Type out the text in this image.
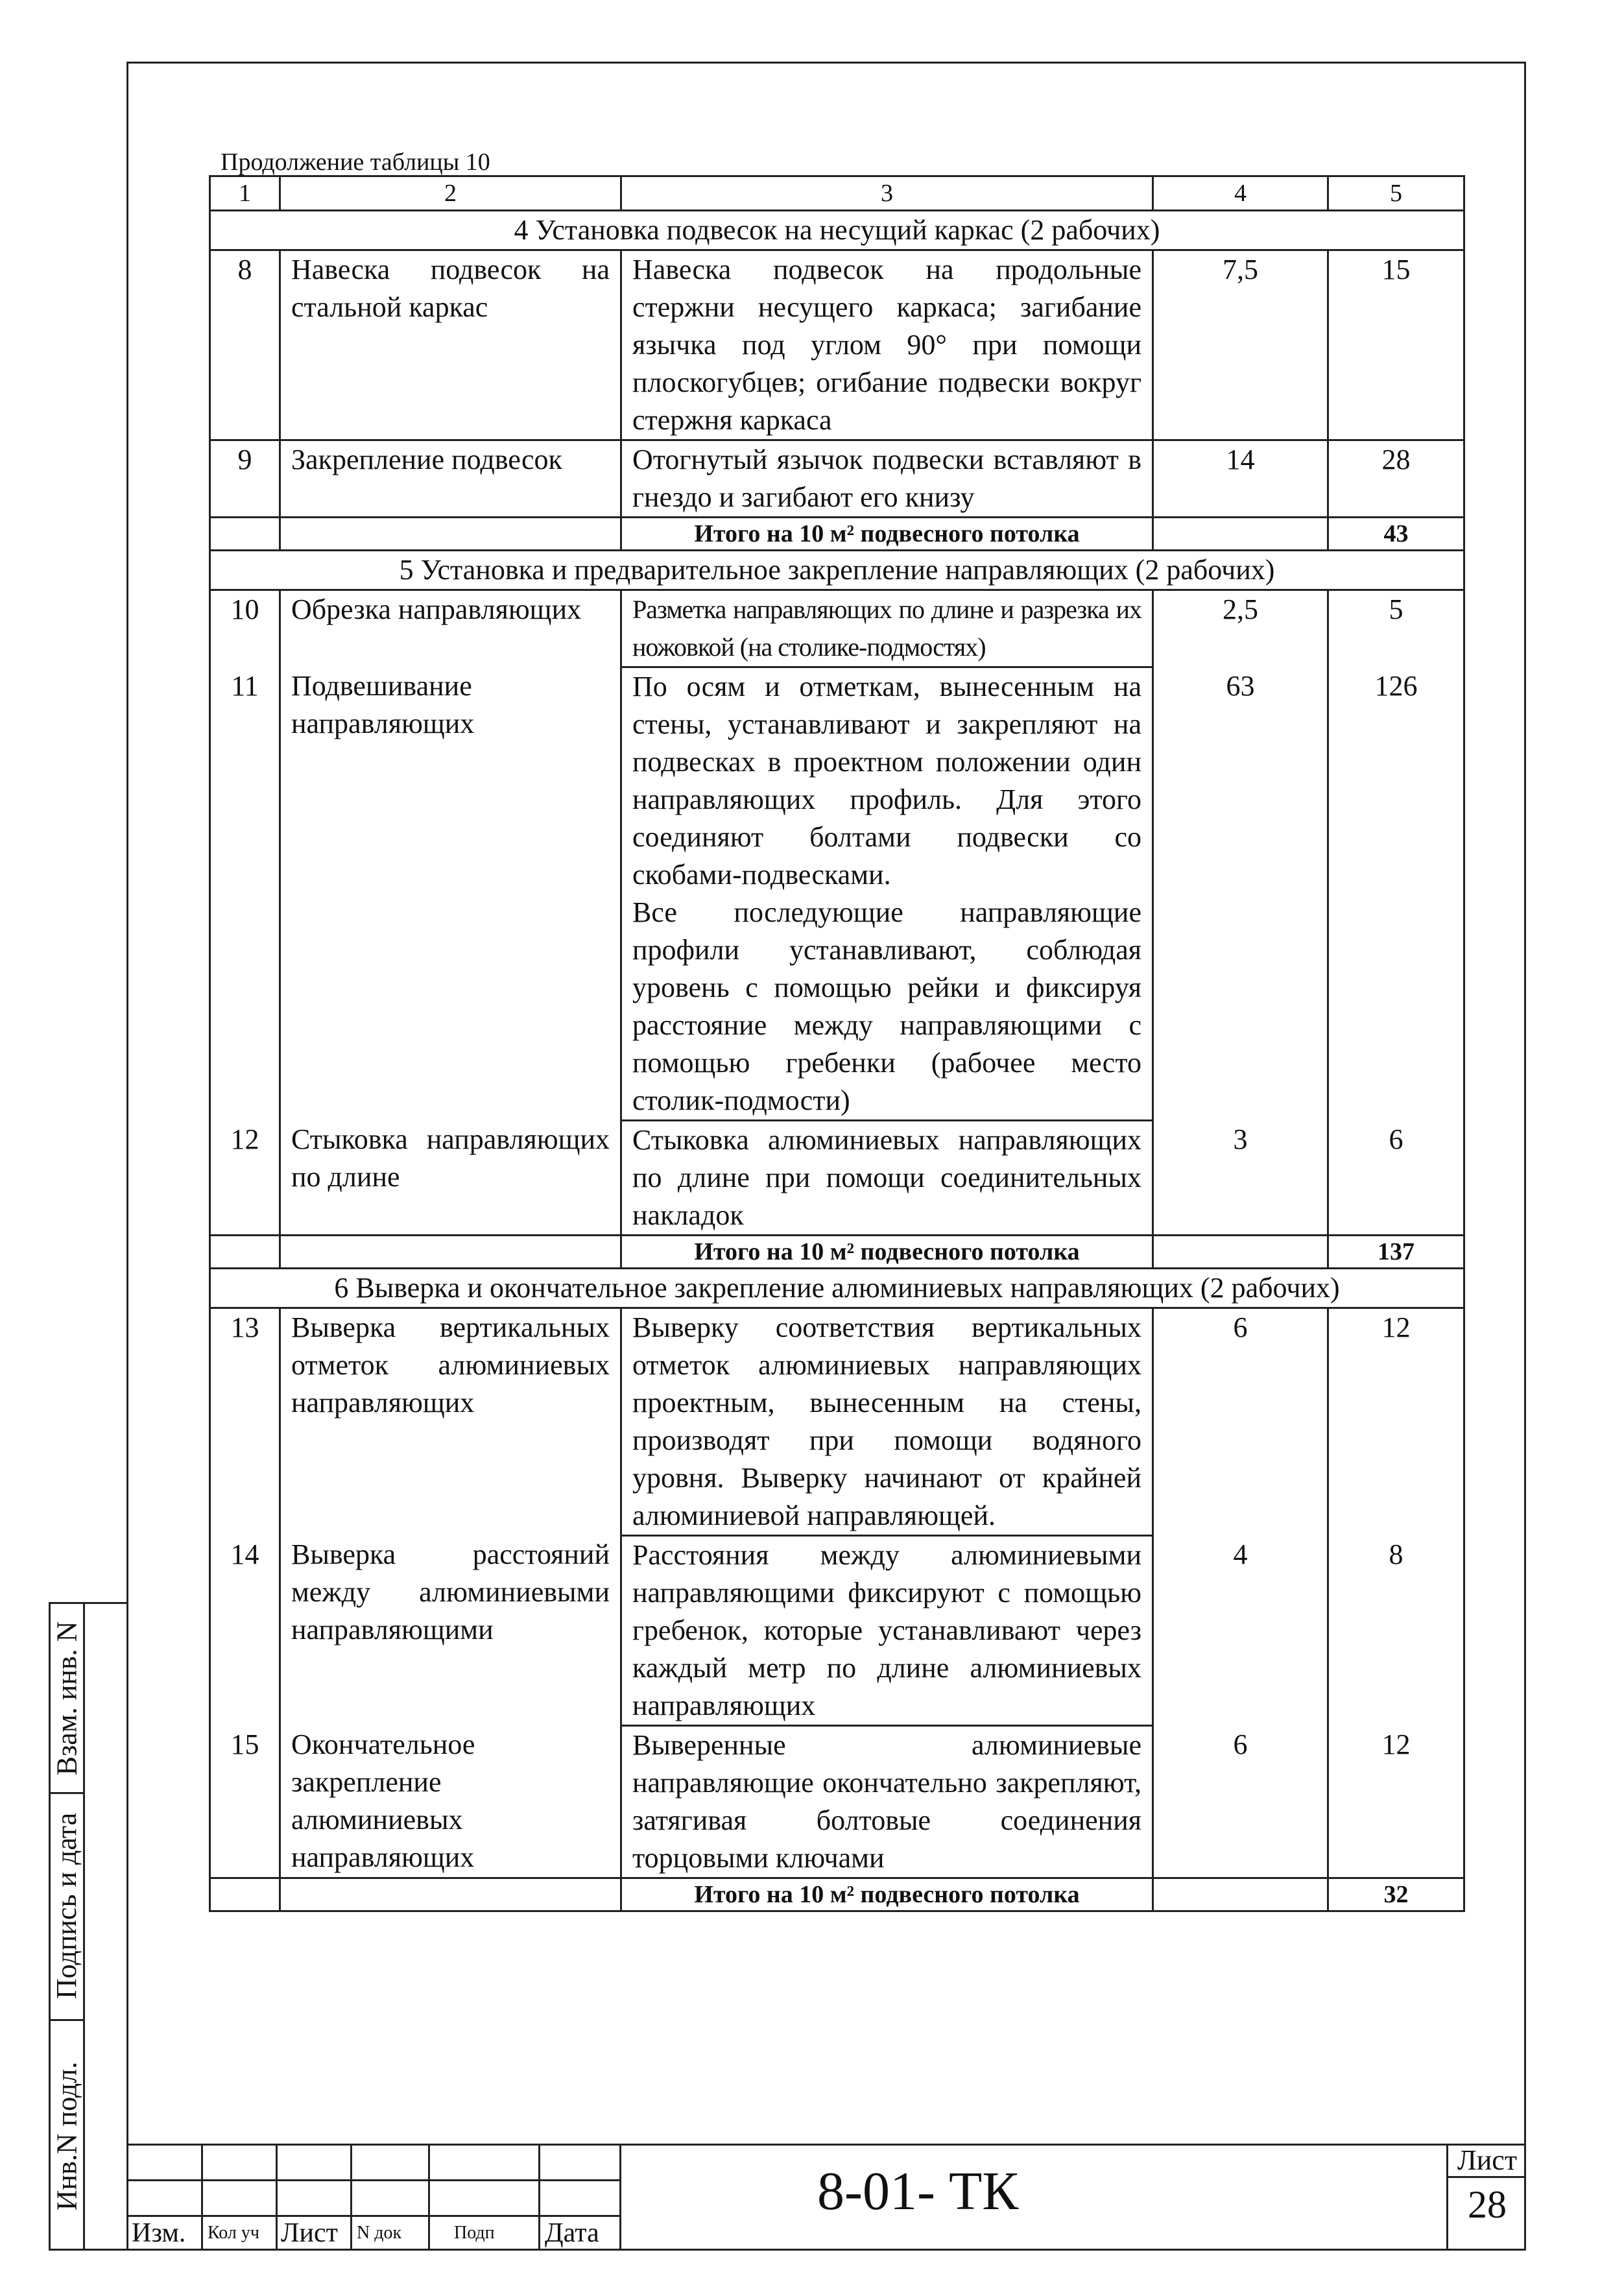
Продолжение таблицы 10
1	2	3	4	5
4 Установка подвесок на несущий каркас (2 рабочих)				
8	Навеска подвесок на стальной каркас	Навеска подвесок на продольные стержни несущего каркаса; загибание язычка под углом 90° при помощи плоскогубцев; огибание подвески вокруг стержня каркаса	7,5	15
9	Закрепление подвесок	Отогнутый язычок подвески вставляют в гнездо и загибают его книзу	14	28
		Итого на 10 м² подвесного потолка		43
5 Установка и предварительное закрепление направляющих (2 рабочих)				
10	Обрезка направляющих	Разметка направляющих по длине и разрезка их ножовкой (на столике-подмостях)	2,5	5
11	Подвешивание направляющих	По осям и отметкам, вынесенным на стены, устанавливают и закрепляют на подвесках в проектном положении один направляющих профиль. Для этого соединяют болтами подвески со скобами-подвесками.
Все последующие направляющие профили устанавливают, соблюдая уровень с помощью рейки и фиксируя расстояние между направляющими с помощью гребенки (рабочее место столик-подмости)	63	126
12	Стыковка направляющих по длине	Стыковка алюминиевых направляющих по длине при помощи соединительных накладок	3	6
		Итого на 10 м² подвесного потолка		137
6 Выверка и окончательное закрепление алюминиевых направляющих (2 рабочих)				
13	Выверка вертикальных отметок алюминиевых направляющих	Выверку соответствия вертикальных отметок алюминиевых направляющих проектным, вынесенным на стены, производят при помощи водяного уровня. Выверку начинают от крайней алюминиевой направляющей.	6	12
14	Выверка расстояний между алюминиевыми направляющими	Расстояния между алюминиевыми направляющими фиксируют с помощью гребенок, которые устанавливают через каждый метр по длине алюминиевых направляющих	4	8
15	Окончательное закрепление алюминиевых направляющих	Выверенные алюминиевые направляющие окончательно закрепляют, затягивая болтовые соединения торцовыми ключами	6	12
		Итого на 10 м² подвесного потолка		32
Взам. инв. N
Подпись и дата
Инв.N подл.
Изм. Кол уч Лист N док	Подп Дата
8-01- ТК
Лист
28
